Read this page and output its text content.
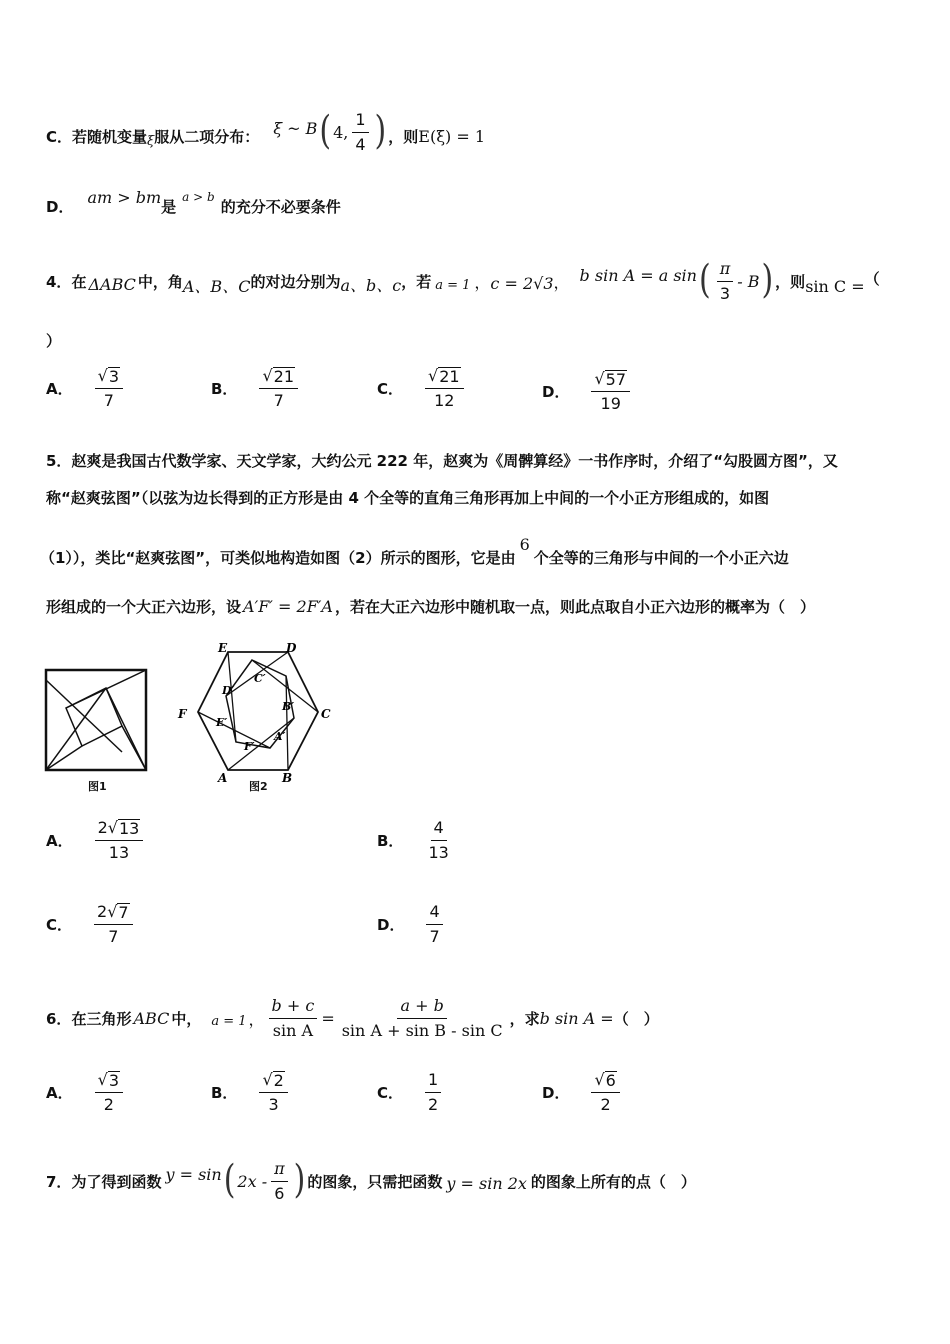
C． 若随机变量 ξ 服从二项分布： ξ ~ B ( 4, $\frac{1}{4}$ ) ，则 E(ξ) = 1
D． am > bm 是
a > b
的充分不必要条件
4． 在 ΔABC 中，角 A、B、C 的对边分别为 a、b、c ，若 a = 1 ， c = 2√3 ， b sin A = a sin ( $\frac{\pi}{3}$ - B ) ，则 sin C = （
）
A． $\frac{√ 3}{7}$	B． $\frac{√ 21}{7}$	C． $\frac{√ 21}{12}$	D． $\frac{√ 57}{19}$
5． 赵爽是我国古代数学家、天文学家，大约公元 222 年，赵爽为《周髀算经》一书作序时，介绍了“勾股圆方图”，又
称“赵爽弦图”（以弦为边长得到的正方形是由 4 个全等的直角三角形再加上中间的一个小正方形组成的，如图
（1）），类比“赵爽弦图”，可类似地构造如图（2）所示的图形，它是由
6
个全等的三角形与中间的一个小正六边
形组成的一个大正六边形，设 A′F′ = 2F′A ，若在大正六边形中随机取一点，则此点取自小正六边形的概率为（　）
图1
E	D
C
B
A
F
C′
D′
B′
E′
A′
F′
图2
A． $\frac{2 √ 13}{13}$	B． $\frac{4}{13}$
C． $\frac{2 √ 7}{7}$	D． $\frac{4}{7}$
6． 在三角形 ABC 中， a = 1 ， $\frac{b + c}{\text{sin A}} = \frac{a + b}{\text{sin A + sin B - sin C}}$ ，求 b sin A = （　）
A． $\frac{√ 3}{2}$	B． $\frac{√ 2}{3}$	C． $\frac{1}{2}$	D． $\frac{√ 6}{2}$
7． 为了得到函数 y = sin ( $2x - \frac{\pi}{6}$ ) 的图象，只需把函数 y = sin 2x 的图象上所有的点（　）
